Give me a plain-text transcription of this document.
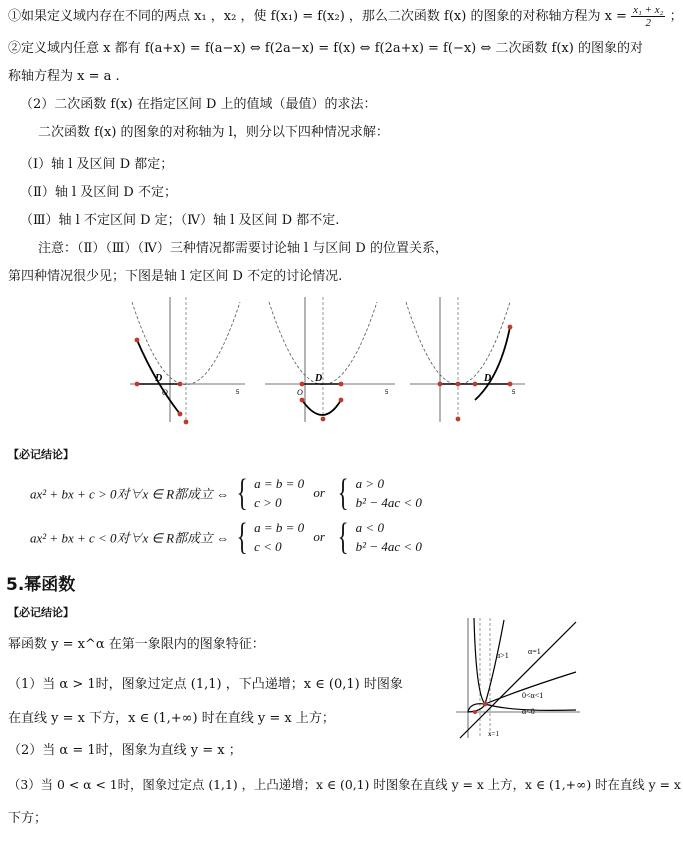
①如果定义域内存在不同的两点 x₁ ，x₂ ，使 f(x₁) = f(x₂) ，那么二次函数 f(x) 的图象的对称轴方程为 $x = \frac{\text{x₁ + x₂}}{2}$ ；
②定义域内任意 x 都有 f(a+x) = f(a−x) ⇔ f(2a−x) = f(x) ⇔ f(2a+x) = f(−x) ⇔ 二次函数 f(x) 的图象的对
称轴方程为 x = a .
（2）二次函数 f(x) 在指定区间 D 上的值域（最值）的求法：
二次函数 f(x) 的图象的对称轴为 l，则分以下四种情况求解：
（Ⅰ）轴 l 及区间 D 都定；
（Ⅱ）轴 l 及区间 D 不定；
（Ⅲ）轴 l 不定区间 D 定；（Ⅳ）轴 l 及区间 D 都不定.
注意：（Ⅱ）（Ⅲ）（Ⅳ）三种情况都需要讨论轴 l 与区间 D 的位置关系，
第四种情况很少见；下图是轴 l 定区间 D 不定的讨论情况.
D
O	5
D
O	5
D
5
【必记结论】
ax² + bx + c > 0对∀x ∈ R都成立 ⇔ { a = b = 0
c > 0
or { a > 0
b² − 4ac < 0
ax² + bx + c < 0对∀x ∈ R都成立 ⇔ { a = b = 0
c < 0
or { a < 0
b² − 4ac < 0
5.幂函数
【必记结论】
幂函数 y = x^α 在第一象限内的图象特征：
（1）当 α > 1时，图象过定点 (1,1) ，下凸递增；x ∈ (0,1) 时图象
在直线 y = x 下方，x ∈ (1,+∞) 时在直线 y = x 上方；
（2）当 α = 1时，图象为直线 y = x ；
（3）当 0 < α < 1时，图象过定点 (1,1) ，上凸递增；x ∈ (0,1) 时图象在直线 y = x 上方，x ∈ (1,+∞) 时在直线 y = x
下方；
α>1 α=1
0<α<1
α<0
x=1
